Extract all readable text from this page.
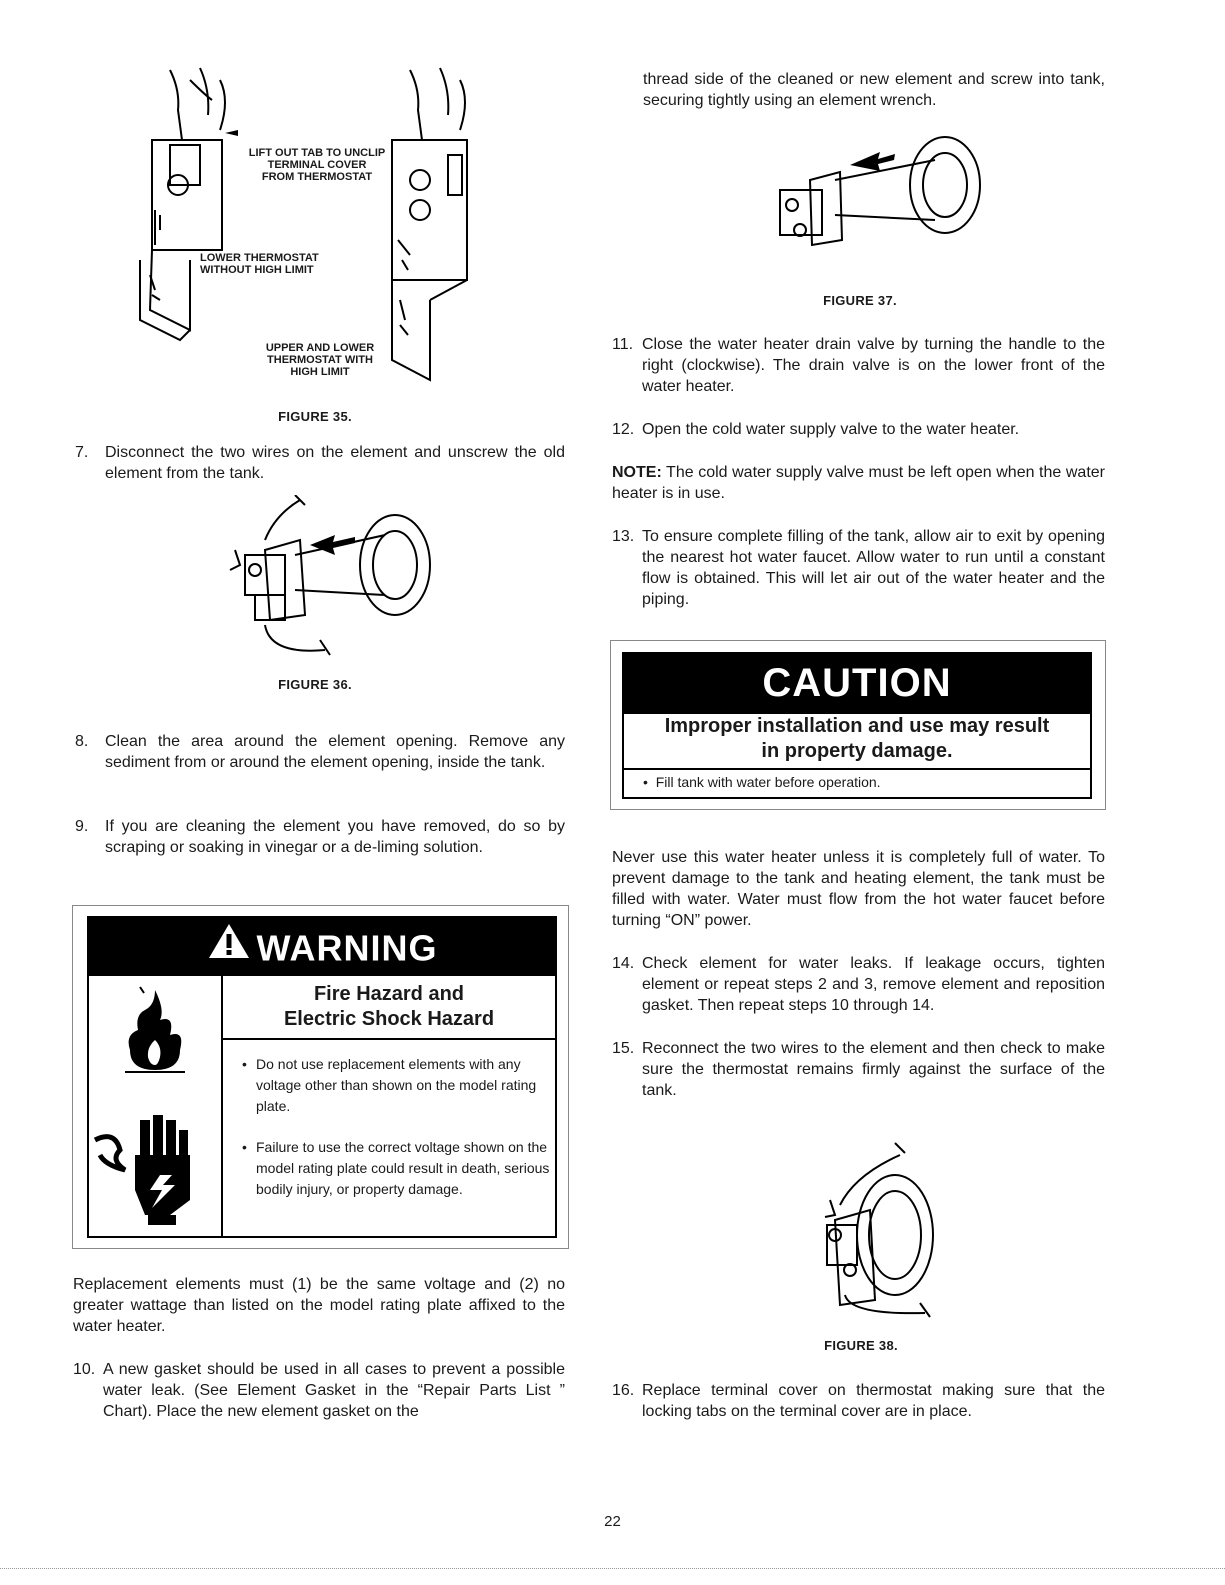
LIFT OUT TAB TO UNCLIP
TERMINAL COVER
FROM THERMOSTAT
LOWER THERMOSTAT
WITHOUT HIGH LIMIT
UPPER AND LOWER
THERMOSTAT WITH
HIGH LIMIT
FIGURE 35.
7. Disconnect the two wires on the element and unscrew the old element from the tank.
FIGURE 36.
8. Clean the area around the element opening. Remove any sediment from or around the element opening, inside the tank.
9. If you are cleaning the element you have removed, do so by scraping or soaking in vinegar or a de-liming solution.
WARNING
Fire Hazard and
Electric Shock Hazard
• Do not use replacement elements with any voltage other than shown on the model rating plate.
• Failure to use the correct voltage shown on the model rating plate could result in death, serious bodily injury, or property damage.
Replacement elements must (1) be the same voltage and (2) no greater wattage than listed on the model rating plate affixed to the water heater.
10. A new gasket should be used in all cases to prevent a possible water leak. (See Element Gasket in the “Repair Parts List ” Chart). Place the new element gasket on the
thread side of the cleaned or new element and screw into tank, securing tightly using an element wrench.
FIGURE 37.
11. Close the water heater drain valve by turning the handle to the right (clockwise). The drain valve is on the lower front of the water heater.
12. Open the cold water supply valve to the water heater.
NOTE: The cold water supply valve must be left open when the water heater is in use.
13. To ensure complete filling of the tank, allow air to exit by opening the nearest hot water faucet. Allow water to run until a constant flow is obtained. This will let air out of the water heater and the piping.
CAUTION
Improper installation and use may result
in property damage.
• Fill tank with water before operation.
Never use this water heater unless it is completely full of water. To prevent damage to the tank and heating element, the tank must be filled with water. Water must flow from the hot water faucet before turning “ON” power.
14. Check element for water leaks. If leakage occurs, tighten element or repeat steps 2 and 3, remove element and reposition gasket. Then repeat steps 10 through 14.
15. Reconnect the two wires to the element and then check to make sure the thermostat remains firmly against the surface of the tank.
FIGURE 38.
16. Replace terminal cover on thermostat making sure that the locking tabs on the terminal cover are in place.
22
